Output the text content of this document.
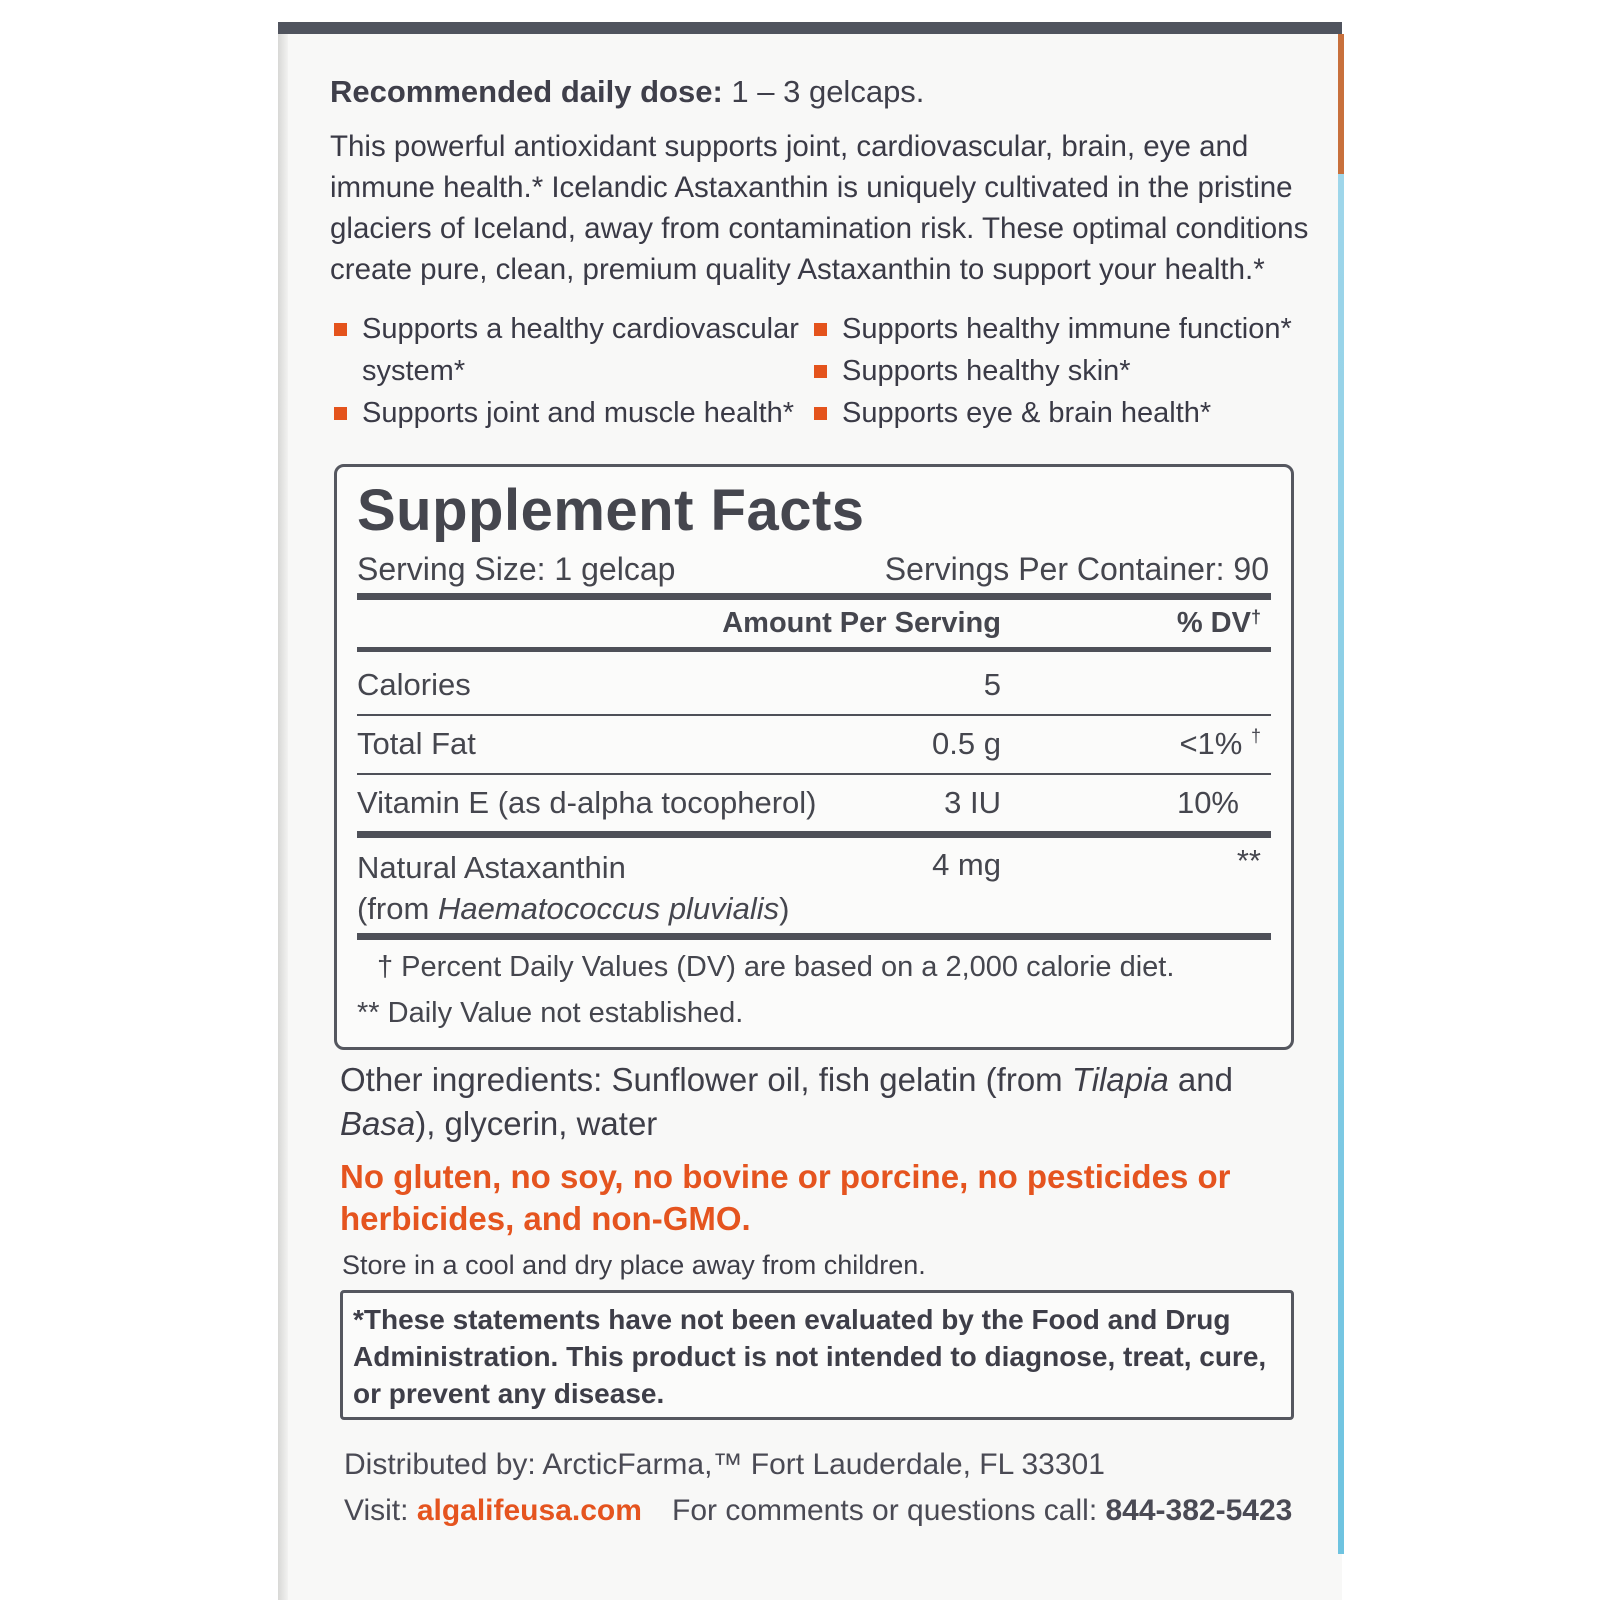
Recommended daily dose: 1 – 3 gelcaps.
This powerful antioxidant supports joint, cardiovascular, brain, eye and immune health.* Icelandic Astaxanthin is uniquely cultivated in the pristine glaciers of Iceland, away from contamination risk. These optimal conditions create pure, clean, premium quality Astaxanthin to support your health.*
Supports a healthy cardiovascular system*
Supports joint and muscle health*
Supports healthy immune function*
Supports healthy skin*
Supports eye & brain health*
Supplement Facts
Serving Size: 1 gelcap	Servings Per Container: 90
Amount Per Serving	% DV†
Calories	5
Total Fat	0.5 g	<1% †
Vitamin E (as d-alpha tocopherol)	3 IU	10%
Natural Astaxanthin
(from Haematococcus pluvialis)
4 mg	**
† Percent Daily Values (DV) are based on a 2,000 calorie diet.
** Daily Value not established.
Other ingredients: Sunflower oil, fish gelatin (from Tilapia and Basa), glycerin, water
No gluten, no soy, no bovine or porcine, no pesticides or herbicides, and non-GMO.
Store in a cool and dry place away from children.
*These statements have not been evaluated by the Food and Drug Administration. This product is not intended to diagnose, treat, cure, or prevent any disease.
Distributed by: ArcticFarma,™ Fort Lauderdale, FL 33301
Visit: algalifeusa.com For comments or questions call: 844-382-5423
